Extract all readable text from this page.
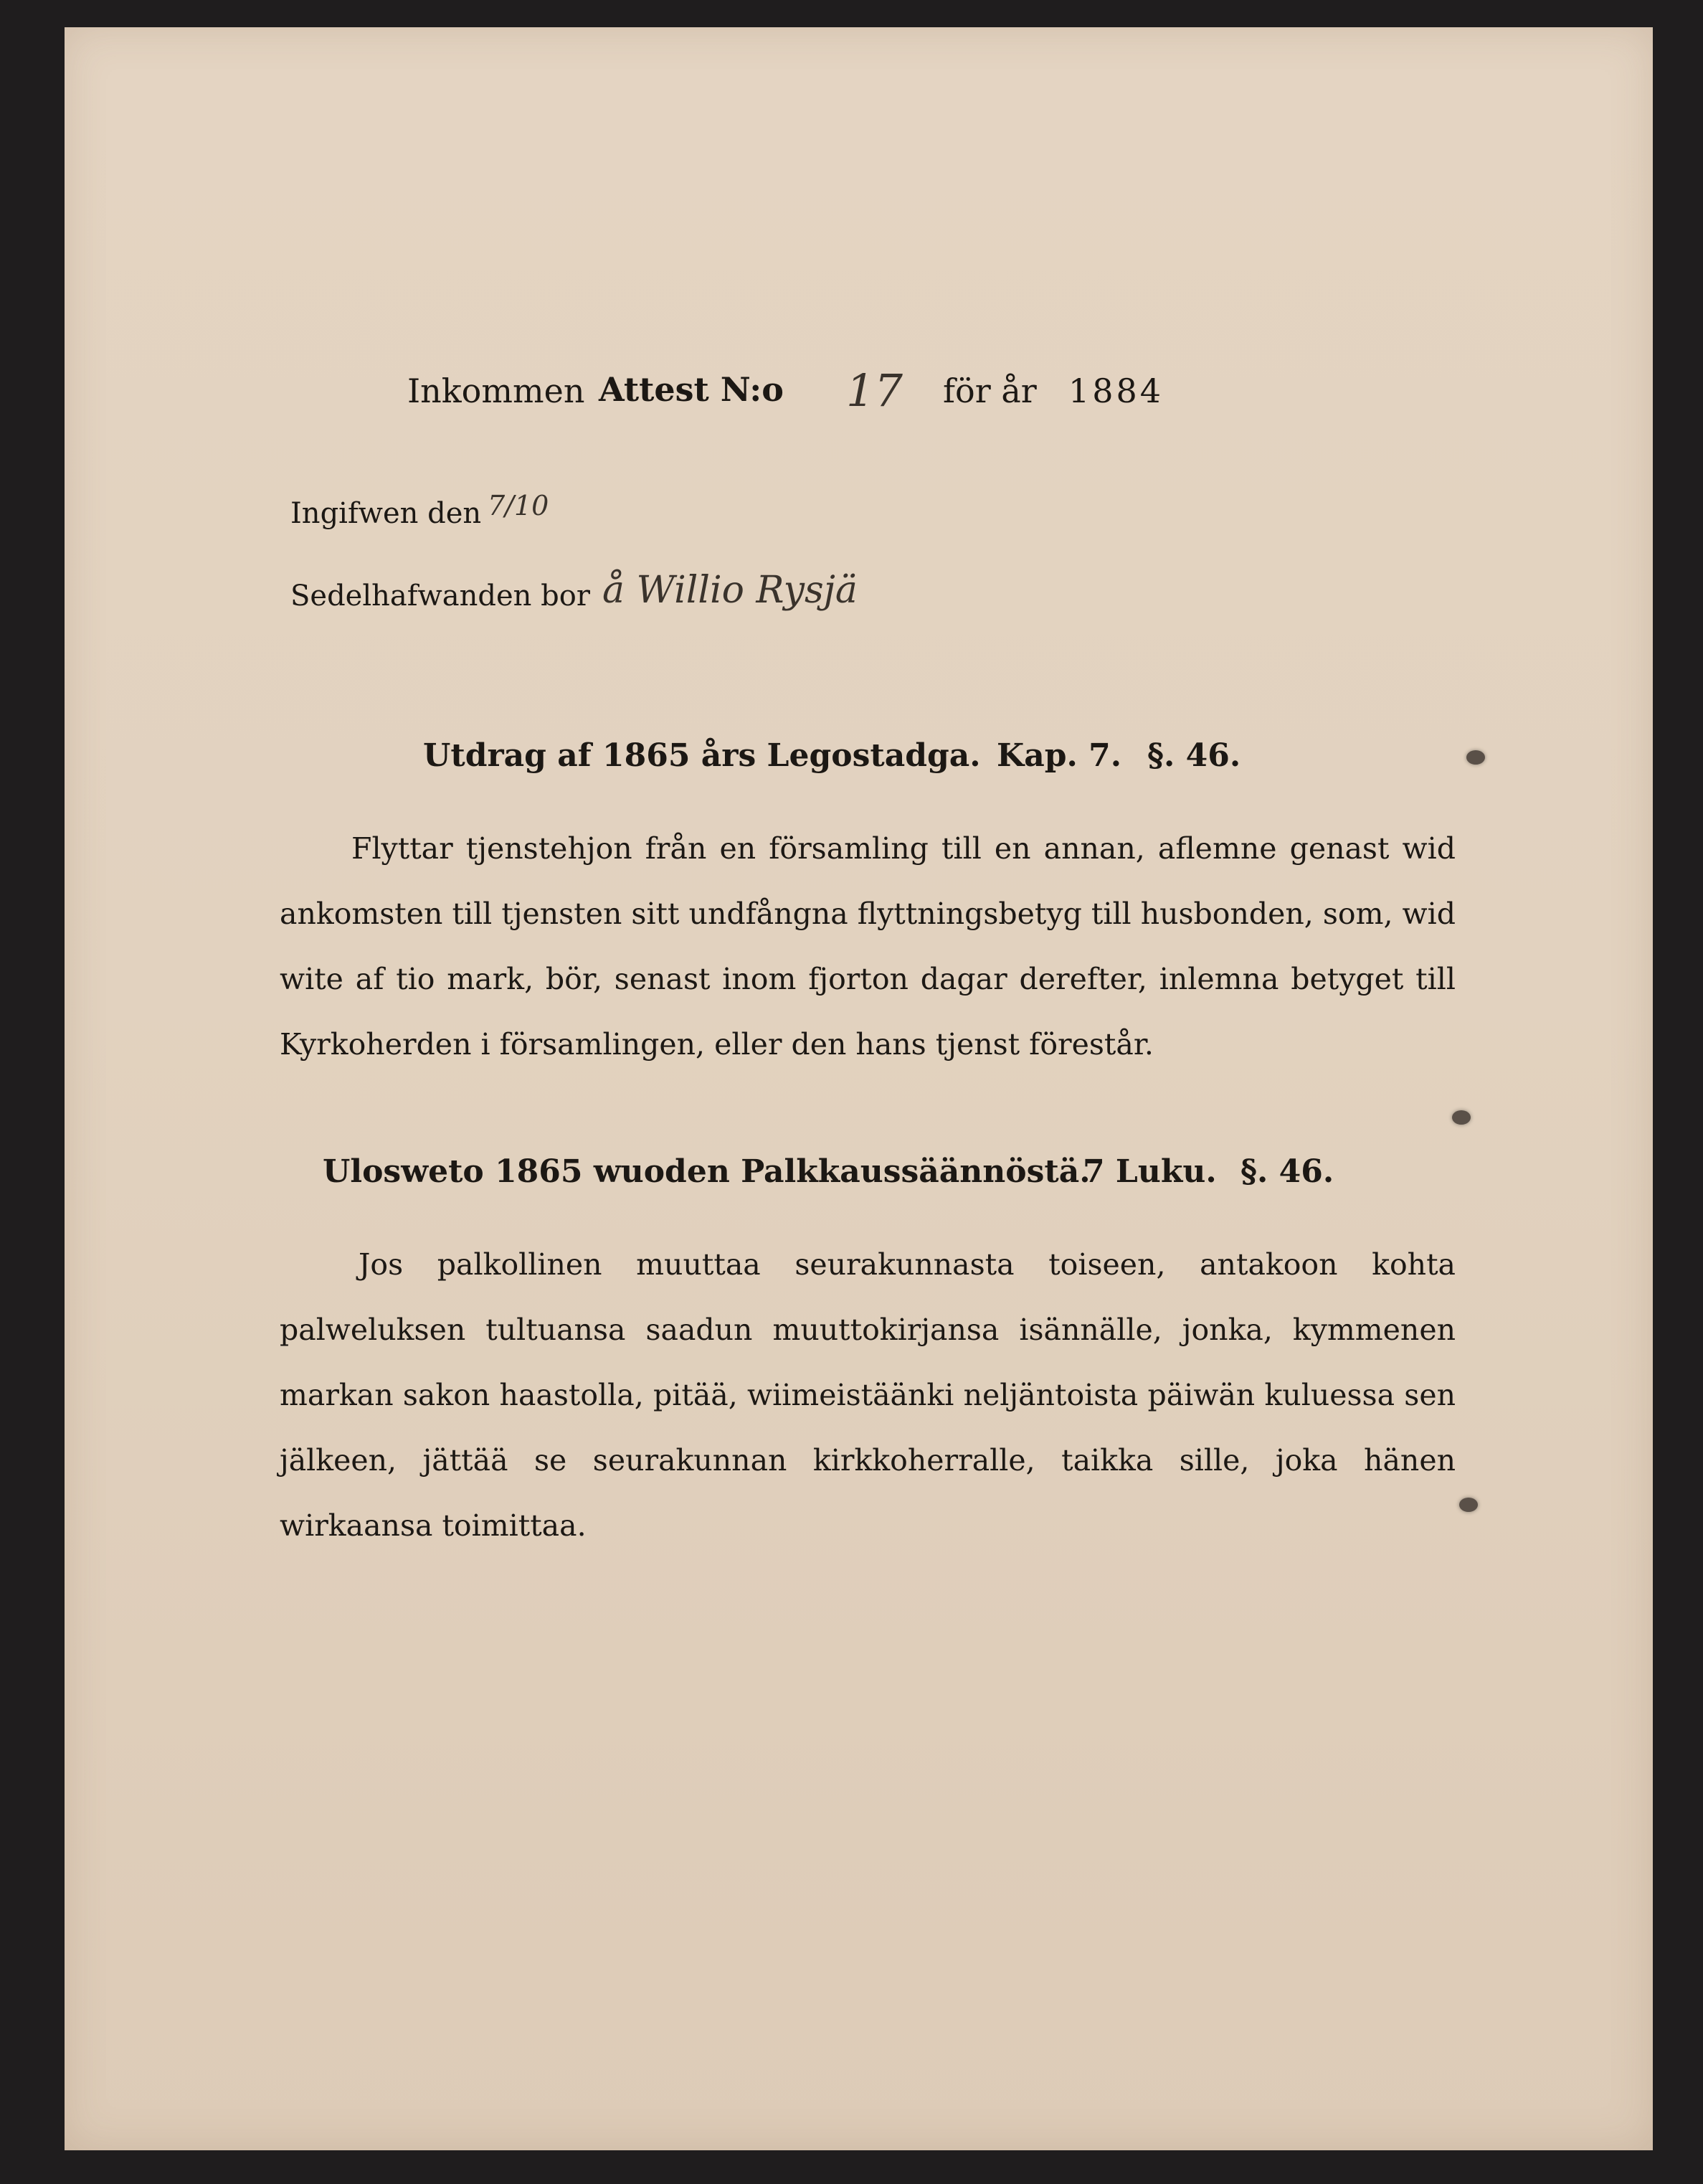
Inkommen Attest N:o 17 för år 1884
Ingifwen den 7/10
Sedelhafwanden bor å Willio Rysjä
Utdrag af 1865 års Legostadga. Kap. 7. §. 46.
Flyttar tjenstehjon från en församling till en annan, aflemne genast wid ankomsten till tjensten sitt undfångna flyttningsbetyg till husbonden, som, wid wite af tio mark, bör, senast inom fjorton dagar derefter, inlemna betyget till Kyrkoherden i församlingen, eller den hans tjenst förestår.
Ulosweto 1865 wuoden Palkkaussäännöstä.
7 Luku. §. 46.
Jos palkollinen muuttaa seurakunnasta toiseen, antakoon kohta palweluksen tultuansa saadun muuttokirjansa isännälle, jonka, kymmenen markan sakon haastolla, pitää, wiimeistäänki neljäntoista päiwän kuluessa sen jälkeen, jättää se seurakunnan kirkkoherralle, taikka sille, joka hänen wirkaansa toimittaa.
